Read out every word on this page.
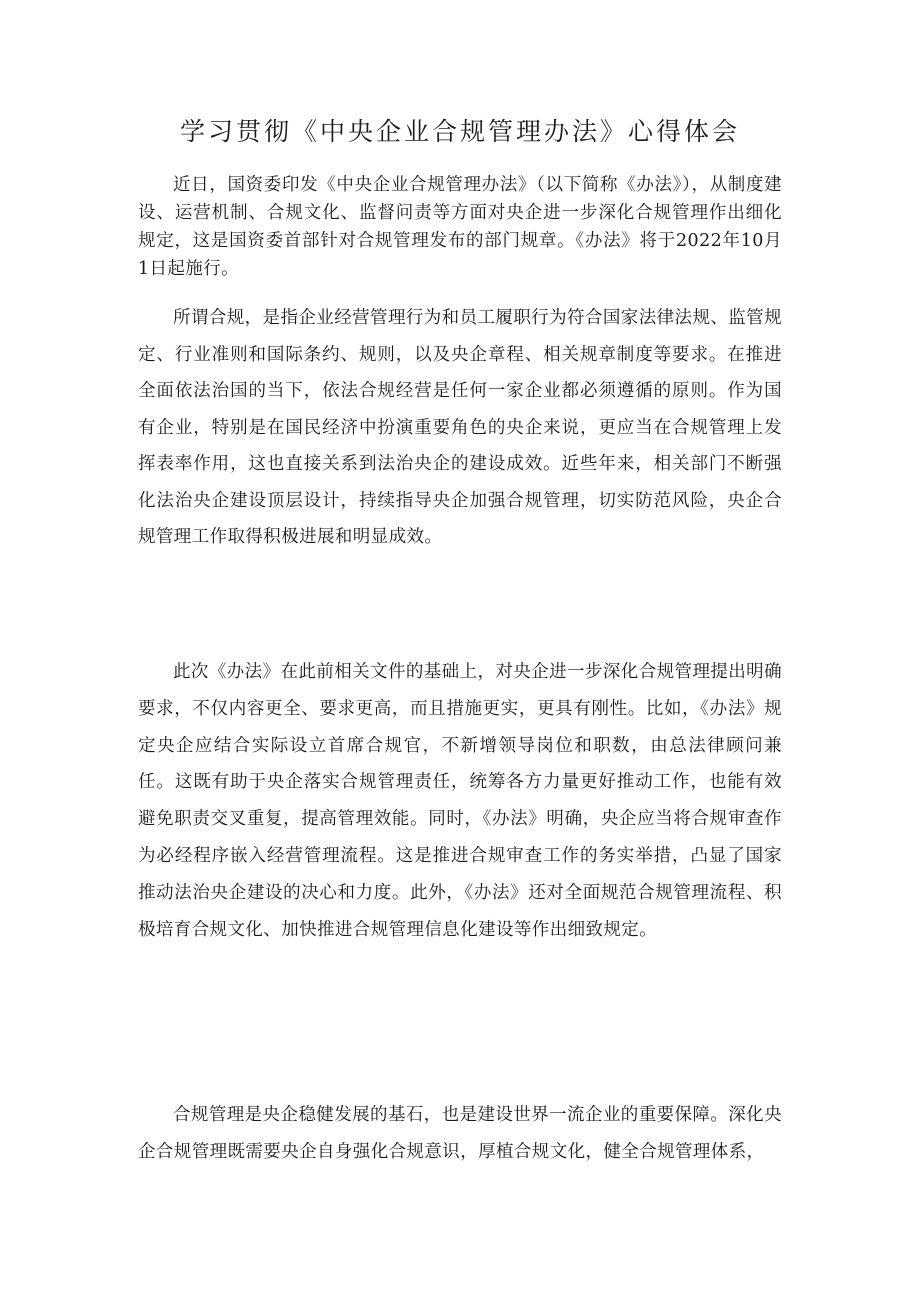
学习贯彻《中央企业合规管理办法》心得体会

近日，国资委印发《中央企业合规管理办法》（以下简称《办法》），从制度建设、运营机制、合规文化、监督问责等方面对央企进一步深化合规管理作出细化规定，这是国资委首部针对合规管理发布的部门规章。《办法》将于2022年10月1日起施行。

所谓合规，是指企业经营管理行为和员工履职行为符合国家法律法规、监管规定、行业准则和国际条约、规则，以及央企章程、相关规章制度等要求。在推进全面依法治国的当下，依法合规经营是任何一家企业都必须遵循的原则。作为国有企业，特别是在国民经济中扮演重要角色的央企来说，更应当在合规管理上发挥表率作用，这也直接关系到法治央企的建设成效。近些年来，相关部门不断强化法治央企建设顶层设计，持续指导央企加强合规管理，切实防范风险，央企合规管理工作取得积极进展和明显成效。

此次《办法》在此前相关文件的基础上，对央企进一步深化合规管理提出明确要求，不仅内容更全、要求更高，而且措施更实，更具有刚性。比如，《办法》规定央企应结合实际设立首席合规官，不新增领导岗位和职数，由总法律顾问兼任。这既有助于央企落实合规管理责任，统筹各方力量更好推动工作，也能有效避免职责交叉重复，提高管理效能。同时，《办法》明确，央企应当将合规审查作为必经程序嵌入经营管理流程。这是推进合规审查工作的务实举措，凸显了国家推动法治央企建设的决心和力度。此外，《办法》还对全面规范合规管理流程、积极培育合规文化、加快推进合规管理信息化建设等作出细致规定。

合规管理是央企稳健发展的基石，也是建设世界一流企业的重要保障。深化央企合规管理既需要央企自身强化合规意识，厚植合规文化，健全合规管理体系，
